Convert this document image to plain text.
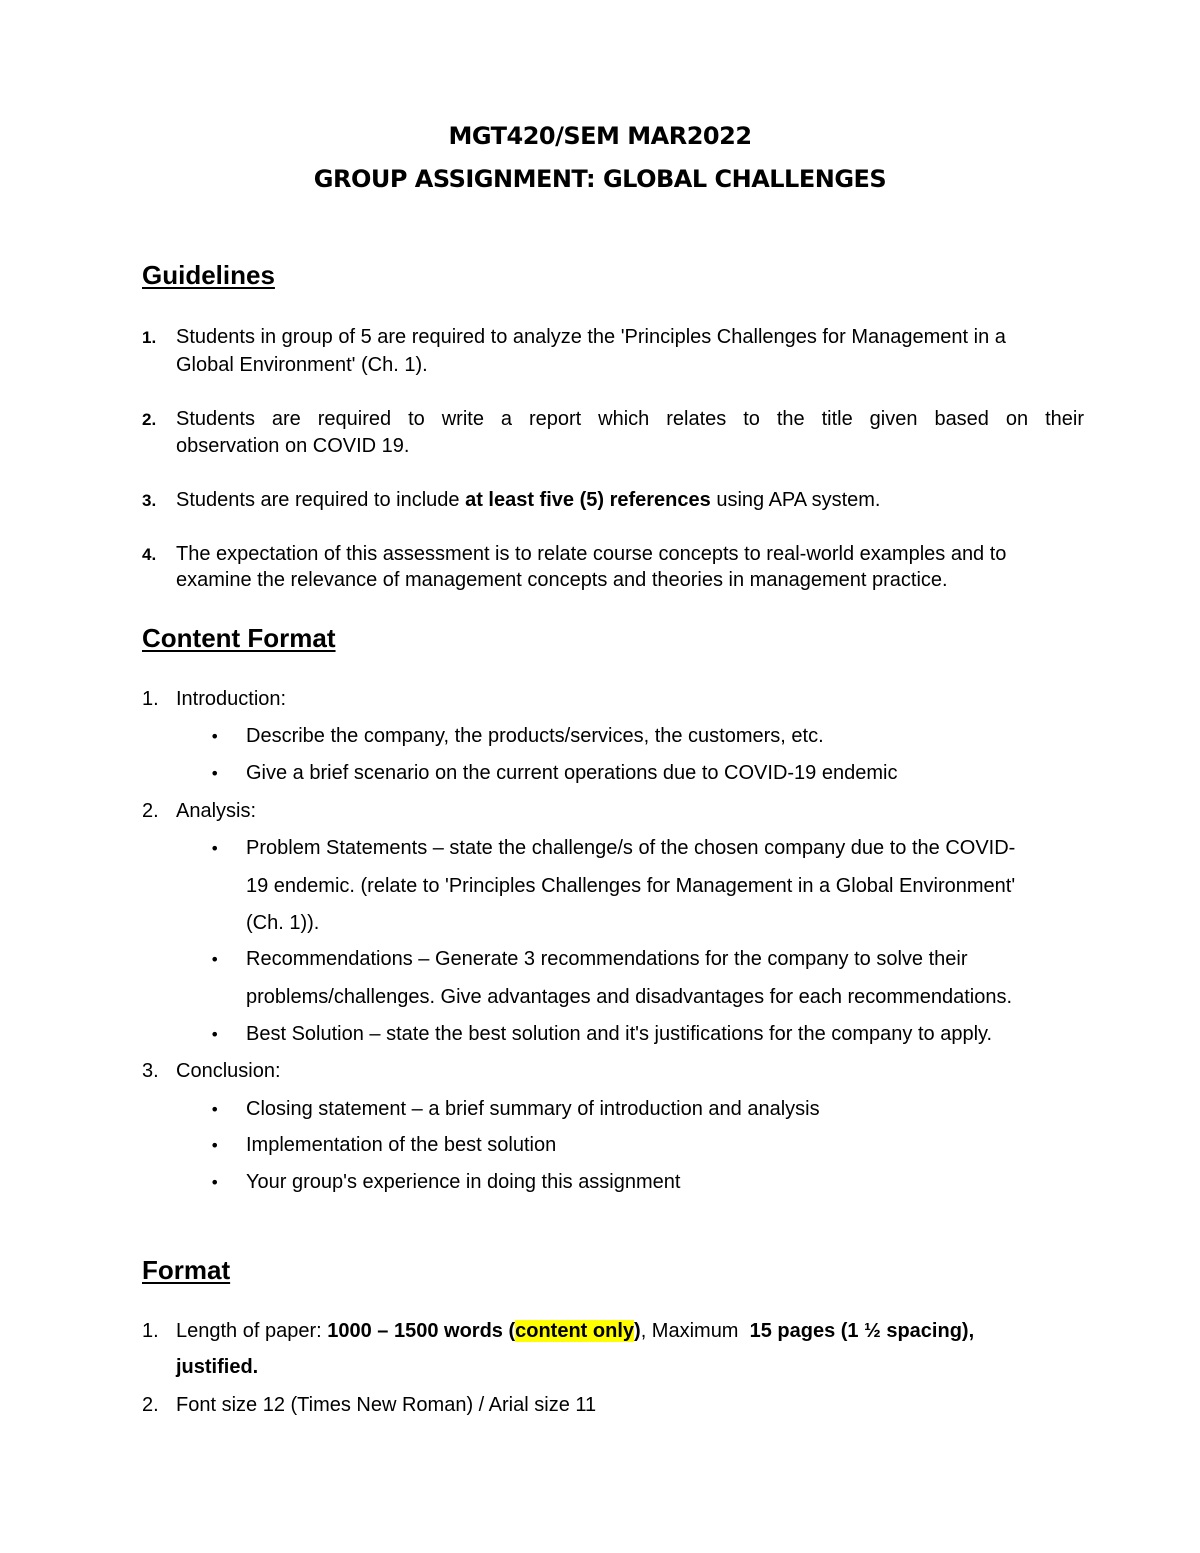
MGT420/SEM MAR2022
GROUP ASSIGNMENT: GLOBAL CHALLENGES
Guidelines
1. Students in group of 5 are required to analyze the 'Principles Challenges for Management in a
Global Environment' (Ch. 1).
2. Students are required to write a report which relates to the title given based on their
observation on COVID 19.
3. Students are required to include at least five (5) references using APA system.
4. The expectation of this assessment is to relate course concepts to real-world examples and to
examine the relevance of management concepts and theories in management practice.
Content Format
1. Introduction:
• Describe the company, the products/services, the customers, etc.
• Give a brief scenario on the current operations due to COVID-19 endemic
2. Analysis:
• Problem Statements – state the challenge/s of the chosen company due to the COVID-
19 endemic. (relate to 'Principles Challenges for Management in a Global Environment'
(Ch. 1)).
• Recommendations – Generate 3 recommendations for the company to solve their
problems/challenges. Give advantages and disadvantages for each recommendations.
• Best Solution – state the best solution and it's justifications for the company to apply.
3. Conclusion:
• Closing statement – a brief summary of introduction and analysis
• Implementation of the best solution
• Your group's experience in doing this assignment
Format
1. Length of paper: 1000 – 1500 words (content only), Maximum  15 pages (1 ½ spacing),
justified.
2. Font size 12 (Times New Roman) / Arial size 11
